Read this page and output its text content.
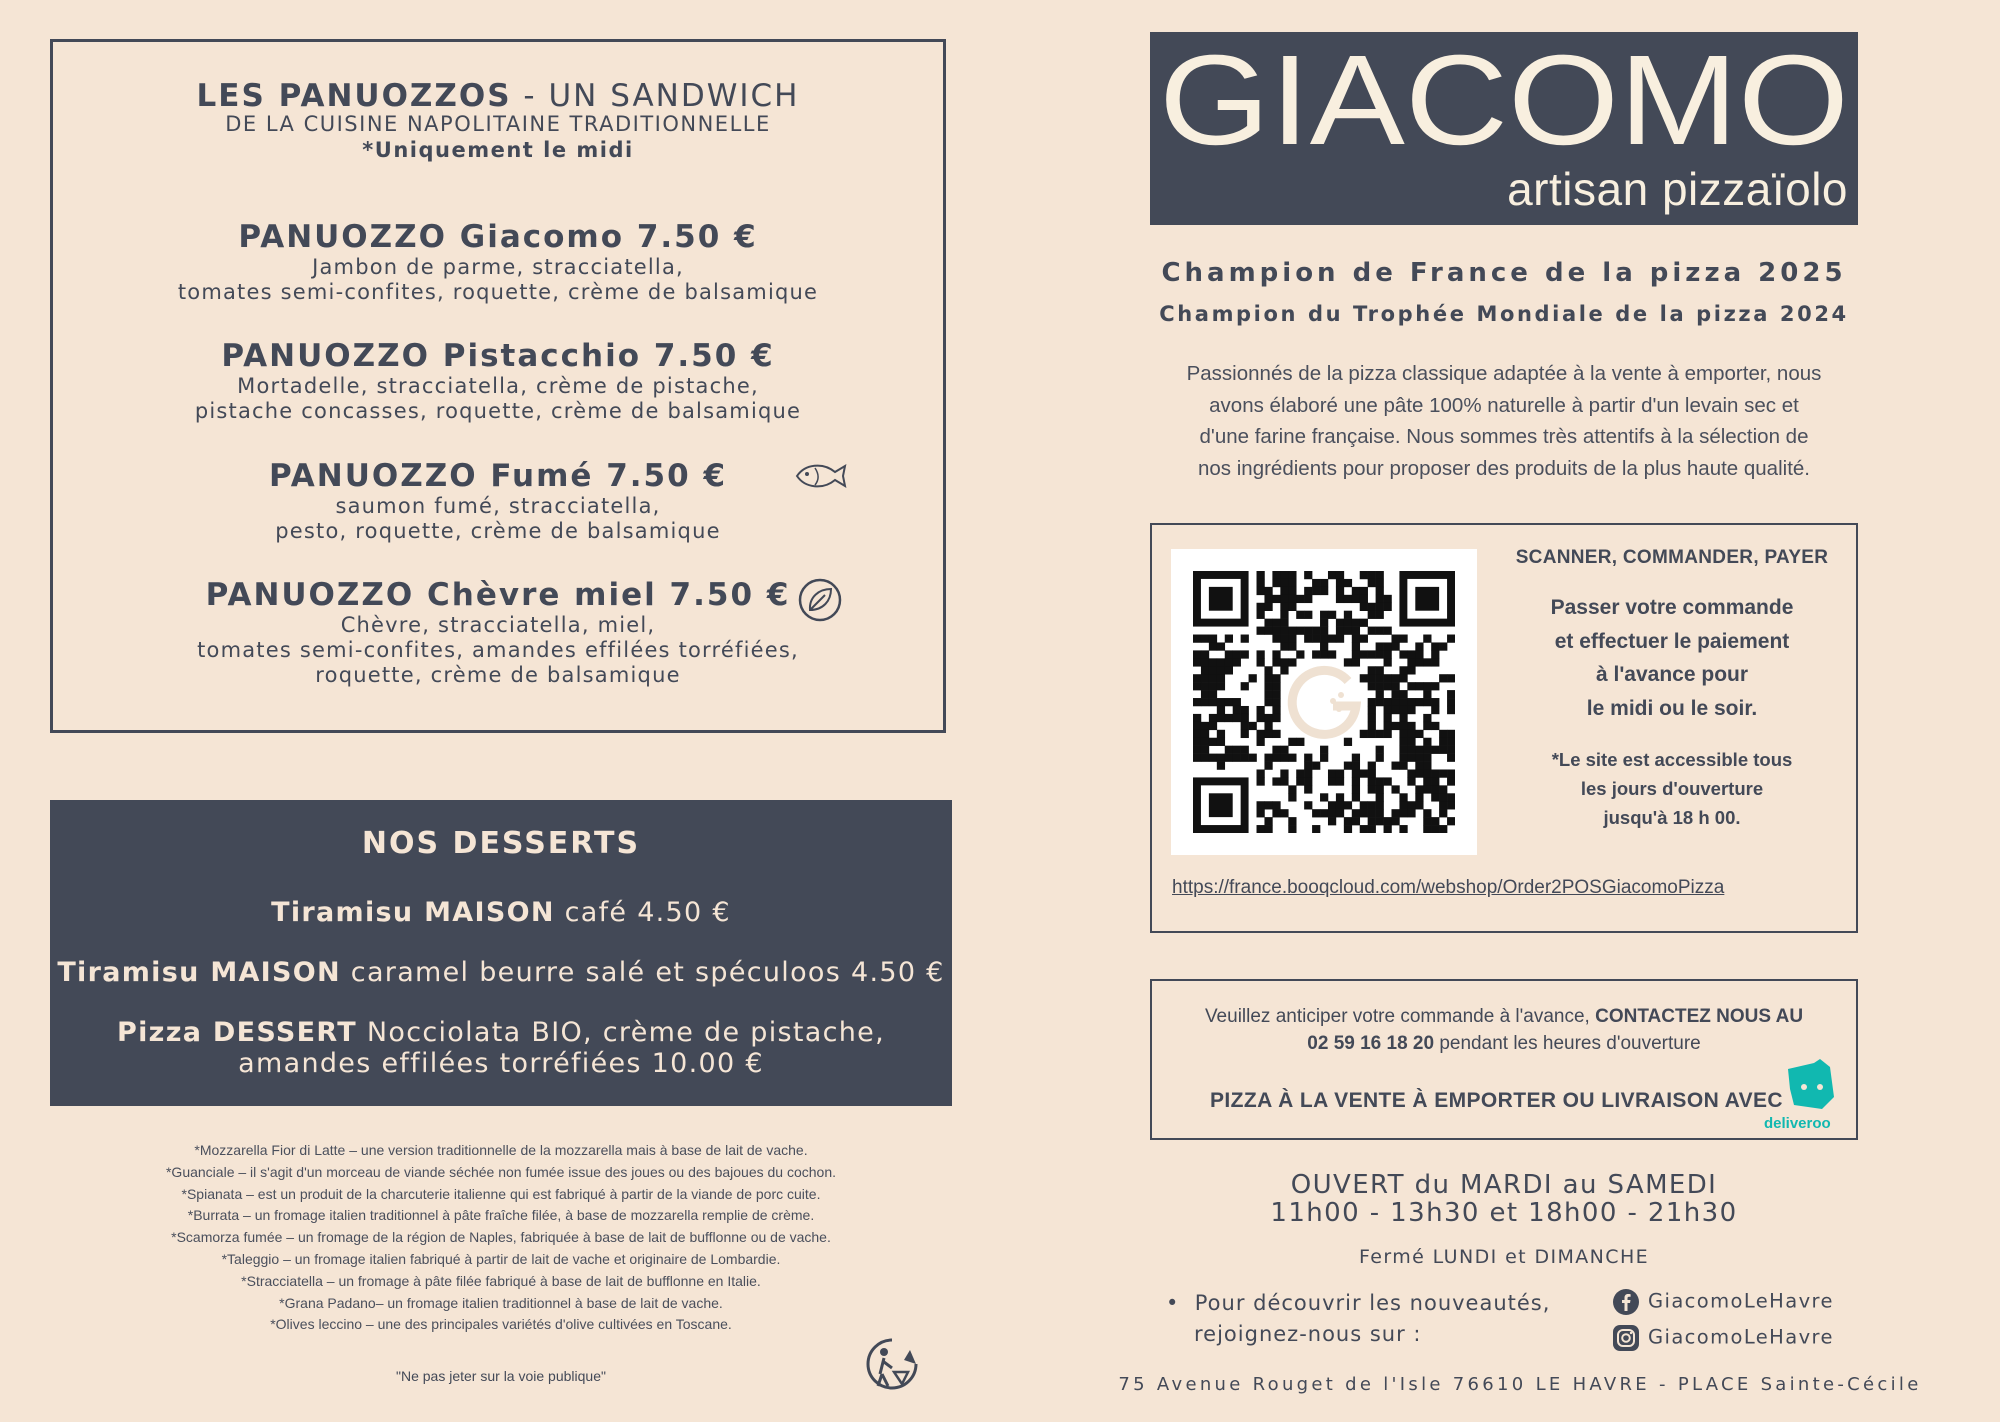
LES PANUOZZOS - UN SANDWICH
DE LA CUISINE NAPOLITAINE TRADITIONNELLE
*Uniquement le midi
PANUOZZO Giacomo 7.50 €
Jambon de parme, stracciatella,
tomates semi-confites, roquette, crème de balsamique
PANUOZZO Pistacchio 7.50 €
Mortadelle, stracciatella, crème de pistache,
pistache concasses, roquette, crème de balsamique
PANUOZZO Fumé 7.50 €
saumon fumé, stracciatella,
pesto, roquette, crème de balsamique
PANUOZZO Chèvre miel 7.50 €
Chèvre, stracciatella, miel,
tomates semi-confites, amandes effilées torréfiées,
roquette, crème de balsamique
NOS DESSERTS
Tiramisu MAISON café 4.50 €
Tiramisu MAISON caramel beurre salé et spéculoos 4.50 €
Pizza DESSERT Nocciolata BIO, crème de pistache,
amandes effilées torréfiées 10.00 €
*Mozzarella Fior di Latte – une version traditionnelle de la mozzarella mais à base de lait de vache.
*Guanciale – il s'agit d'un morceau de viande séchée non fumée issue des joues ou des bajoues du cochon.
*Spianata – est un produit de la charcuterie italienne qui est fabriqué à partir de la viande de porc cuite.
*Burrata – un fromage italien traditionnel à pâte fraîche filée, à base de mozzarella remplie de crème.
*Scamorza fumée – un fromage de la région de Naples, fabriquée à base de lait de bufflonne ou de vache.
*Taleggio – un fromage italien fabriqué à partir de lait de vache et originaire de Lombardie.
*Stracciatella – un fromage à pâte filée fabriqué à base de lait de bufflonne en Italie.
*Grana Padano– un fromage italien traditionnel à base de lait de vache.
*Olives leccino – une des principales variétés d'olive cultivées en Toscane.
"Ne pas jeter sur la voie publique"
GIACOMO
artisan pizzaïolo
Champion de France de la pizza 2025
Champion du Trophée Mondiale de la pizza 2024
Passionnés de la pizza classique adaptée à la vente à emporter, nous
avons élaboré une pâte 100% naturelle à partir d'un levain sec et
d'une farine française. Nous sommes très attentifs à la sélection de
nos ingrédients pour proposer des produits de la plus haute qualité.
SCANNER, COMMANDER, PAYER
Passer votre commande
et effectuer le paiement
à l'avance pour
le midi ou le soir.
*Le site est accessible tous
les jours d'ouverture
jusqu'à 18 h 00.
https://france.booqcloud.com/webshop/Order2POSGiacomoPizza
Veuillez anticiper votre commande à l'avance, CONTACTEZ NOUS AU
02 59 16 18 20 pendant les heures d'ouverture
PIZZA À LA VENTE À EMPORTER OU LIVRAISON AVEC
deliveroo
OUVERT du MARDI au SAMEDI
11h00 - 13h30 et 18h00 - 21h30
Fermé LUNDI et DIMANCHE
•  Pour découvrir les nouveautés,
rejoignez-nous sur :
GiacomoLeHavre
GiacomoLeHavre
75 Avenue Rouget de l'Isle 76610 LE HAVRE - PLACE Sainte-Cécile
